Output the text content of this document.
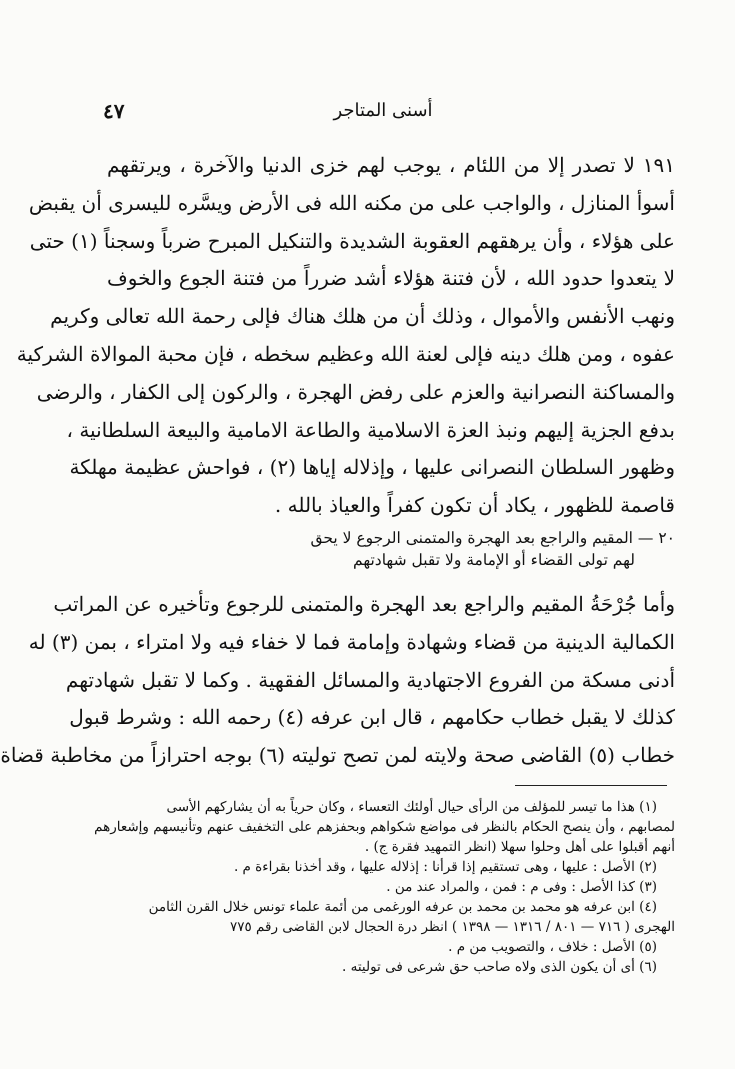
أسنى المتاجر
٤٧
١٩١ لا تصدر إلا من اللئام ، يوجب لهم خزى الدنيا والآخرة ، ويرتقهم
أسوأ المنازل ، والواجب على من مكنه الله فى الأرض ويسَّره لليسرى أن يقبض
على هؤلاء ، وأن يرهقهم العقوبة الشديدة والتنكيل المبرح ضرباً وسجناً (١) حتى
لا يتعدوا حدود الله ، لأن فتنة هؤلاء أشد ضرراً من فتنة الجوع والخوف
ونهب الأنفس والأموال ، وذلك أن من هلك هناك فإلى رحمة الله تعالى وكريم
عفوه ، ومن هلك دينه فإلى لعنة الله وعظيم سخطه ، فإن محبة الموالاة الشركية
والمساكنة النصرانية والعزم على رفض الهجرة ، والركون إلى الكفار ، والرضى
بدفع الجزية إليهم ونبذ العزة الاسلامية والطاعة الامامية والبيعة السلطانية ،
وظهور السلطان النصرانى عليها ، وإذلاله إياها (٢) ، فواحش عظيمة مهلكة
قاصمة للظهور ، يكاد أن تكون كفراً والعياذ بالله .
٢٠ — المقيم والراجع بعد الهجرة والمتمنى الرجوع لا يحق
لهم تولى القضاء أو الإمامة ولا تقبل شهادتهم
وأما جُرْحَةُ المقيم والراجع بعد الهجرة والمتمنى للرجوع وتأخيره عن المراتب
الكمالية الدينية من قضاء وشهادة وإمامة فما لا خفاء فيه ولا امتراء ، بمن (٣) له
أدنى مسكة من الفروع الاجتهادية والمسائل الفقهية . وكما لا تقبل شهادتهم
كذلك لا يقبل خطاب حكامهم ، قال ابن عرفه (٤) رحمه الله : وشرط قبول
خطاب (٥) القاضى صحة ولايته لمن تصح توليته (٦) بوجه احترازاً من مخاطبة قضاة
(١) هذا ما تيسر للمؤلف من الرأى حيال أولئك التعساء ، وكان حرياً به أن يشاركهم الأسى
لمصابهم ، وأن ينصح الحكام بالنظر فى مواضع شكواهم وبحفزهم على التخفيف عنهم وتأنيسهم وإشعارهم
أنهم أقبلوا على أهل وحلوا سهلا (انظر التمهيد فقرة ج) .
(٢) الأصل : عليها ، وهى تستقيم إذا قرأنا : إذلاله عليها ، وقد أخذنا بقراءة م .
(٣) كذا الأصل : وفى م : فمن ، والمراد عند من .
(٤) ابن عرفه هو محمد بن محمد بن عرفه الورغمى من أئمة علماء تونس خلال القرن الثامن
الهجرى ( ٧١٦ — ٨٠١ / ١٣١٦ — ١٣٩٨ ) انظر درة الحجال لابن القاضى رقم ٧٧٥
(٥) الأصل : خلاف ، والتصويب من م .
(٦) أى أن يكون الذى ولاه صاحب حق شرعى فى توليته .
